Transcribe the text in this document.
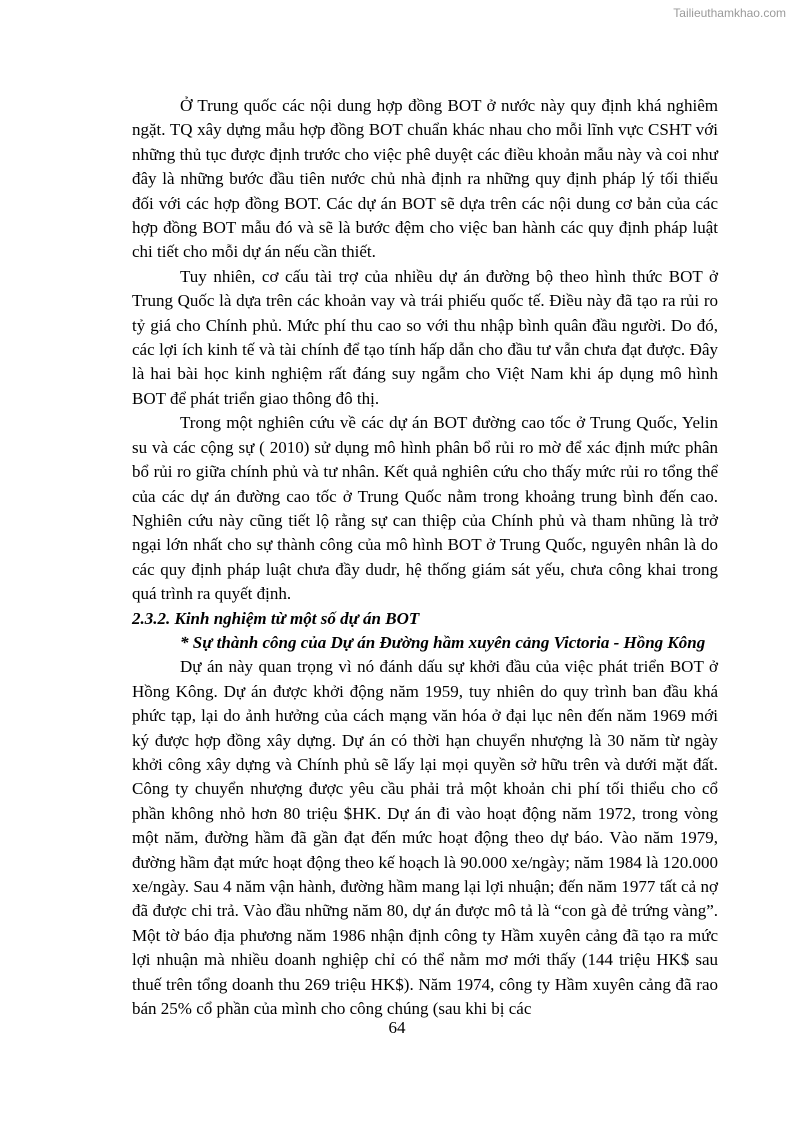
Tailieuthamkhao.com

Ở Trung quốc các nội dung hợp đồng BOT ở nước này quy định khá nghiêm ngặt. TQ xây dựng mẫu hợp đồng BOT chuẩn khác nhau cho mỗi lĩnh vực CSHT với những thủ tục được định trước cho việc phê duyệt các điều khoản mẫu này và coi như đây là những bước đầu tiên nước chủ nhà định ra những quy định pháp lý tối thiểu đối với các hợp đồng BOT. Các dự án BOT sẽ dựa trên các nội dung cơ bản của các hợp đồng BOT mẫu đó và sẽ là bước đệm cho việc ban hành các quy định pháp luật chi tiết cho mỗi dự án nếu cần thiết.

Tuy nhiên, cơ cấu tài trợ của nhiều dự án đường bộ theo hình thức BOT ở Trung Quốc là dựa trên các khoản vay và trái phiếu quốc tế. Điều này đã tạo ra rủi ro tỷ giá cho Chính phủ. Mức phí thu cao so với thu nhập bình quân đầu người. Do đó, các lợi ích kinh tế và tài chính để tạo tính hấp dẫn cho đầu tư vẫn chưa đạt được. Đây là hai bài học kinh nghiệm rất đáng suy ngẫm cho Việt Nam khi áp dụng mô hình BOT để phát triển giao thông đô thị.

Trong một nghiên cứu về các dự án BOT đường cao tốc ở Trung Quốc, Yelin su và các cộng sự ( 2010) sử dụng mô hình phân bổ rủi ro mờ để xác định mức phân bổ rủi ro giữa chính phủ và tư nhân. Kết quả nghiên cứu cho thấy mức rủi ro tổng thể của các dự án đường cao tốc ở Trung Quốc nằm trong khoảng trung bình đến cao. Nghiên cứu này cũng tiết lộ rằng sự can thiệp của Chính phủ và tham nhũng là trở ngại lớn nhất cho sự thành công của mô hình BOT ở Trung Quốc, nguyên nhân là do các quy định pháp luật chưa đầy dudr, hệ thống giám sát yếu, chưa công khai trong quá trình ra quyết định.

2.3.2. Kinh nghiệm từ một số dự án BOT

* Sự thành công của Dự án Đường hầm xuyên cảng Victoria - Hồng Kông

Dự án này quan trọng vì nó đánh dấu sự khởi đầu của việc phát triển BOT ở Hồng Kông. Dự án được khởi động năm 1959, tuy nhiên do quy trình ban đầu khá phức tạp, lại do ảnh hưởng của cách mạng văn hóa ở đại lục nên đến năm 1969 mới ký được hợp đồng xây dựng. Dự án có thời hạn chuyển nhượng là 30 năm từ ngày khởi công xây dựng và Chính phủ sẽ lấy lại mọi quyền sở hữu trên và dưới mặt đất. Công ty chuyển nhượng được yêu cầu phải trả một khoản chi phí tối thiểu cho cổ phần không nhỏ hơn 80 triệu $HK. Dự án đi vào hoạt động năm 1972, trong vòng một năm, đường hầm đã gần đạt đến mức hoạt động theo dự báo. Vào năm 1979, đường hầm đạt mức hoạt động theo kế hoạch là 90.000 xe/ngày; năm 1984 là 120.000 xe/ngày. Sau 4 năm vận hành, đường hầm mang lại lợi nhuận; đến năm 1977 tất cả nợ đã được chi trả. Vào đầu những năm 80, dự án được mô tả là “con gà đẻ trứng vàng”. Một tờ báo địa phương năm 1986 nhận định công ty Hầm xuyên cảng đã tạo ra mức lợi nhuận mà nhiều doanh nghiệp chỉ có thể nằm mơ mới thấy (144 triệu HK$ sau thuế trên tổng doanh thu 269 triệu HK$). Năm 1974, công ty Hầm xuyên cảng đã rao bán 25% cổ phần của mình cho công chúng (sau khi bị các

64
